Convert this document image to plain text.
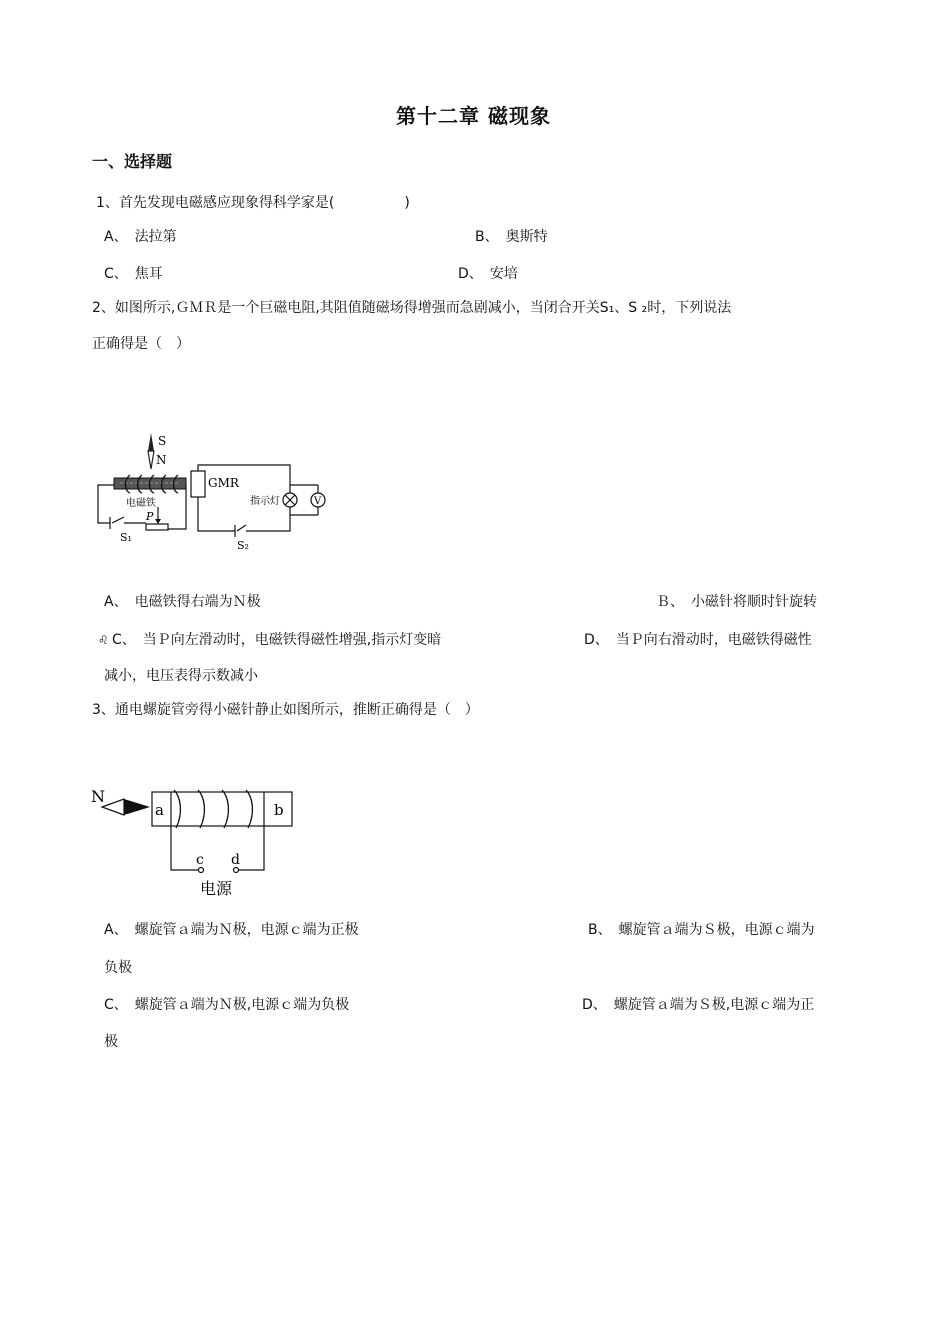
第十二章 磁现象
一、选择题
1、首先发现电磁感应现象得科学家是(　　　　　)
A、　法拉第	B、　奥斯特
C、　焦耳	D、　安培
2、如图所示,ＧＭＲ是一个巨磁电阻,其阻值随磁场得增强而急剧减小，当闭合开关S₁、S ₂时，下列说法
正确得是（　）
S
N
电磁铁
S₁
P
GMR
指示灯	V
S₂
A、　电磁铁得右端为Ｎ极	Ｂ、　小磁针将顺时针旋转
♌ C、　当Ｐ向左滑动时，电磁铁得磁性增强,指示灯变暗	D、　当Ｐ向右滑动时，电磁铁得磁性
减小，电压表得示数减小
3、通电螺旋管旁得小磁针静止如图所示，推断正确得是（　）
N
a	b
c d
电源
A、　螺旋管ａ端为Ｎ极，电源ｃ端为正极	B、　螺旋管ａ端为Ｓ极，电源ｃ端为
负极
C、　螺旋管ａ端为Ｎ极,电源ｃ端为负极	D、　螺旋管ａ端为Ｓ极,电源ｃ端为正
极
